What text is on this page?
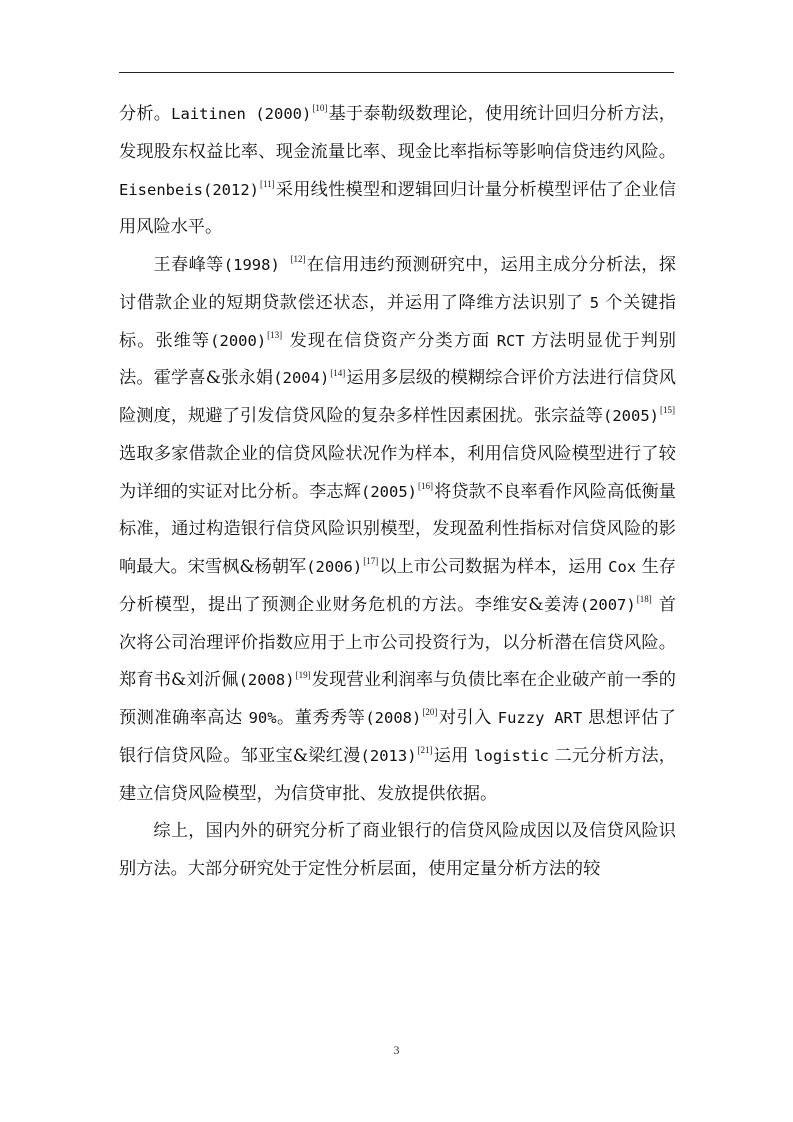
分析。Laitinen (2000)[10]基于泰勒级数理论，使用统计回归分析方法，发现股东权益比率、现金流量比率、现金比率指标等影响信贷违约风险。Eisenbeis(2012)[11]采用线性模型和逻辑回归计量分析模型评估了企业信用风险水平。

王春峰等(1998) [12]在信用违约预测研究中，运用主成分分析法，探讨借款企业的短期贷款偿还状态，并运用了降维方法识别了 5 个关键指标。张维等(2000)[13] 发现在信贷资产分类方面 RCT 方法明显优于判别法。霍学喜&张永娟(2004)[14]运用多层级的模糊综合评价方法进行信贷风险测度，规避了引发信贷风险的复杂多样性因素困扰。张宗益等(2005)[15]选取多家借款企业的信贷风险状况作为样本，利用信贷风险模型进行了较为详细的实证对比分析。李志辉(2005)[16]将贷款不良率看作风险高低衡量标准，通过构造银行信贷风险识别模型，发现盈利性指标对信贷风险的影响最大。宋雪枫&杨朝军(2006)[17]以上市公司数据为样本，运用 Cox 生存分析模型，提出了预测企业财务危机的方法。李维安&姜涛(2007)[18] 首次将公司治理评价指数应用于上市公司投资行为，以分析潜在信贷风险。郑育书&刘沂佩(2008)[19]发现营业利润率与负债比率在企业破产前一季的预测准确率高达 90%。董秀秀等(2008)[20]对引入 Fuzzy ART 思想评估了银行信贷风险。邹亚宝&梁红漫(2013)[21]运用 logistic 二元分析方法，建立信贷风险模型，为信贷审批、发放提供依据。

综上，国内外的研究分析了商业银行的信贷风险成因以及信贷风险识别方法。大部分研究处于定性分析层面，使用定量分析方法的较

3
